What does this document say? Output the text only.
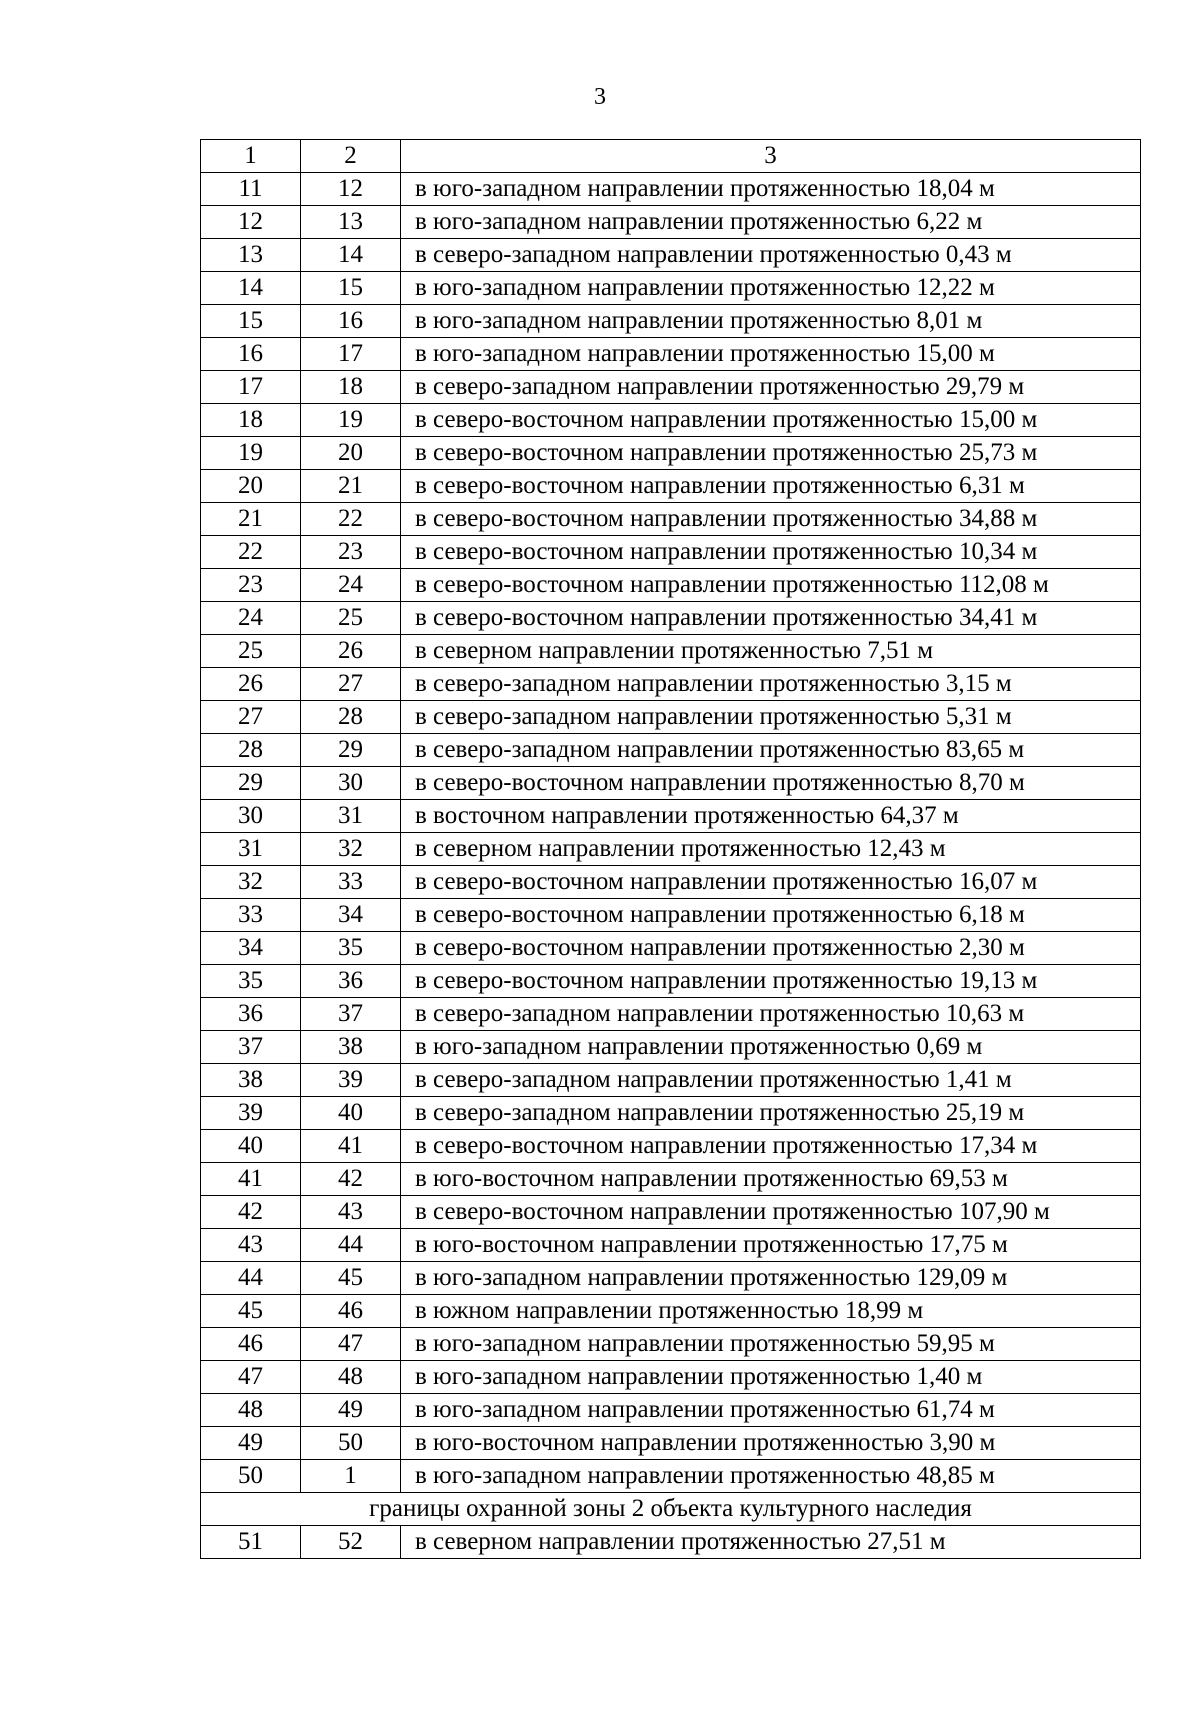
3
1	2	3
11	12	в юго-западном направлении протяженностью 18,04 м
12	13	в юго-западном направлении протяженностью 6,22 м
13	14	в северо-западном направлении протяженностью 0,43 м
14	15	в юго-западном направлении протяженностью 12,22 м
15	16	в юго-западном направлении протяженностью 8,01 м
16	17	в юго-западном направлении протяженностью 15,00 м
17	18	в северо-западном направлении протяженностью 29,79 м
18	19	в северо-восточном направлении протяженностью 15,00 м
19	20	в северо-восточном направлении протяженностью 25,73 м
20	21	в северо-восточном направлении протяженностью 6,31 м
21	22	в северо-восточном направлении протяженностью 34,88 м
22	23	в северо-восточном направлении протяженностью 10,34 м
23	24	в северо-восточном направлении протяженностью 112,08 м
24	25	в северо-восточном направлении протяженностью 34,41 м
25	26	в северном направлении протяженностью 7,51 м
26	27	в северо-западном направлении протяженностью 3,15 м
27	28	в северо-западном направлении протяженностью 5,31 м
28	29	в северо-западном направлении протяженностью 83,65 м
29	30	в северо-восточном направлении протяженностью 8,70 м
30	31	в восточном направлении протяженностью 64,37 м
31	32	в северном направлении протяженностью 12,43 м
32	33	в северо-восточном направлении протяженностью 16,07 м
33	34	в северо-восточном направлении протяженностью 6,18 м
34	35	в северо-восточном направлении протяженностью 2,30 м
35	36	в северо-восточном направлении протяженностью 19,13 м
36	37	в северо-западном направлении протяженностью 10,63 м
37	38	в юго-западном направлении протяженностью 0,69 м
38	39	в северо-западном направлении протяженностью 1,41 м
39	40	в северо-западном направлении протяженностью 25,19 м
40	41	в северо-восточном направлении протяженностью 17,34 м
41	42	в юго-восточном направлении протяженностью 69,53 м
42	43	в северо-восточном направлении протяженностью 107,90 м
43	44	в юго-восточном направлении протяженностью 17,75 м
44	45	в юго-западном направлении протяженностью 129,09 м
45	46	в южном направлении протяженностью 18,99 м
46	47	в юго-западном направлении протяженностью 59,95 м
47	48	в юго-западном направлении протяженностью 1,40 м
48	49	в юго-западном направлении протяженностью 61,74 м
49	50	в юго-восточном направлении протяженностью 3,90 м
50	1	в юго-западном направлении протяженностью 48,85 м
границы охранной зоны 2 объекта культурного наследия		
51	52	в северном направлении протяженностью 27,51 м
